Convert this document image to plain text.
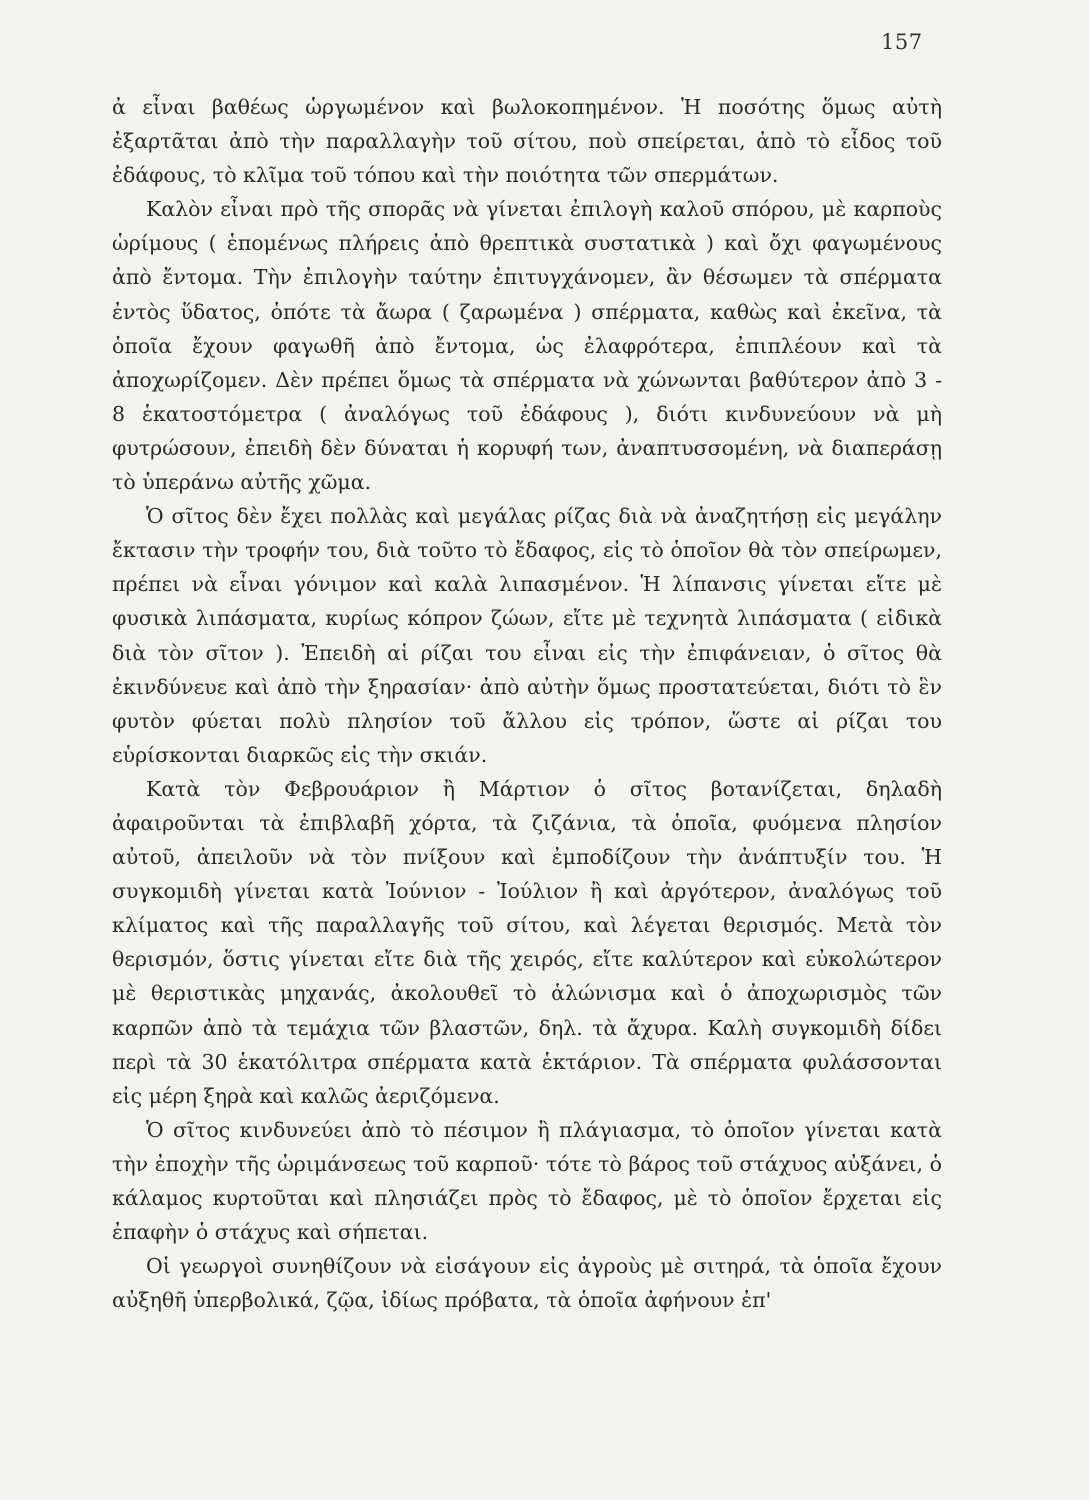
157

ἀ εἶναι βαθέως ὡργωμένον καὶ βωλοκοπημένον. Ἡ ποσότης ὅμως αὐτὴ ἐξαρτᾶται ἀπὸ τὴν παραλλαγὴν τοῦ σίτου, ποὺ σπείρεται, ἀπὸ τὸ εἶδος τοῦ ἐδάφους, τὸ κλῖμα τοῦ τόπου καὶ τὴν ποιότητα τῶν σπερμάτων.

Καλὸν εἶναι πρὸ τῆς σπορᾶς νὰ γίνεται ἐπιλογὴ καλοῦ σπόρου, μὲ καρποὺς ὡρίμους ( ἑπομένως πλήρεις ἀπὸ θρεπτικὰ συστατικὰ ) καὶ ὄχι φαγωμένους ἀπὸ ἔντομα. Τὴν ἐπιλογὴν ταύτην ἐπιτυγχάνομεν, ἂν θέσωμεν τὰ σπέρματα ἐντὸς ὕδατος, ὁπότε τὰ ἄωρα ( ζαρωμένα ) σπέρματα, καθὼς καὶ ἐκεῖνα, τὰ ὁποῖα ἔχουν φαγωθῆ ἀπὸ ἔντομα, ὡς ἐλαφρότερα, ἐπιπλέουν καὶ τὰ ἀποχωρίζομεν. Δὲν πρέπει ὅμως τὰ σπέρματα νὰ χώνωνται βαθύτερον ἀπὸ 3 - 8 ἑκατοστόμετρα ( ἀναλόγως τοῦ ἐδάφους ), διότι κινδυνεύουν νὰ μὴ φυτρώσουν, ἐπειδὴ δὲν δύναται ἡ κορυφή των, ἀναπτυσσομένη, νὰ διαπεράσῃ τὸ ὑπεράνω αὐτῆς χῶμα.

Ὁ σῖτος δὲν ἔχει πολλὰς καὶ μεγάλας ρίζας διὰ νὰ ἀναζητήσῃ εἰς μεγάλην ἔκτασιν τὴν τροφήν του, διὰ τοῦτο τὸ ἔδαφος, εἰς τὸ ὁποῖον θὰ τὸν σπείρωμεν, πρέπει νὰ εἶναι γόνιμον καὶ καλὰ λιπασμένον. Ἡ λίπανσις γίνεται εἴτε μὲ φυσικὰ λιπάσματα, κυρίως κόπρον ζώων, εἴτε μὲ τεχνητὰ λιπάσματα ( εἰδικὰ διὰ τὸν σῖτον ). Ἐπειδὴ αἱ ρίζαι του εἶναι εἰς τὴν ἐπιφάνειαν, ὁ σῖτος θὰ ἐκινδύνευε καὶ ἀπὸ τὴν ξηρασίαν· ἀπὸ αὐτὴν ὅμως προστατεύεται, διότι τὸ ἓν φυτὸν φύεται πολὺ πλησίον τοῦ ἄλλου εἰς τρόπον, ὥστε αἱ ρίζαι του εὑρίσκονται διαρκῶς εἰς τὴν σκιάν.

Κατὰ τὸν Φεβρουάριον ἢ Μάρτιον ὁ σῖτος βοτανίζεται, δηλαδὴ ἀφαιροῦνται τὰ ἐπιβλαβῆ χόρτα, τὰ ζιζάνια, τὰ ὁποῖα, φυόμενα πλησίον αὐτοῦ, ἀπειλοῦν νὰ τὸν πνίξουν καὶ ἐμποδίζουν τὴν ἀνάπτυξίν του. Ἡ συγκομιδὴ γίνεται κατὰ Ἰούνιον - Ἰούλιον ἢ καὶ ἀργότερον, ἀναλόγως τοῦ κλίματος καὶ τῆς παραλλαγῆς τοῦ σίτου, καὶ λέγεται θερισμός. Μετὰ τὸν θερισμόν, ὅστις γίνεται εἴτε διὰ τῆς χειρός, εἴτε καλύτερον καὶ εὐκολώτερον μὲ θεριστικὰς μηχανάς, ἀκολουθεῖ τὸ ἁλώνισμα καὶ ὁ ἀποχωρισμὸς τῶν καρπῶν ἀπὸ τὰ τεμάχια τῶν βλαστῶν, δηλ. τὰ ἄχυρα. Καλὴ συγκομιδὴ δίδει περὶ τὰ 30 ἑκατόλιτρα σπέρματα κατὰ ἑκτάριον. Τὰ σπέρματα φυλάσσονται εἰς μέρη ξηρὰ καὶ καλῶς ἀεριζόμενα.

Ὁ σῖτος κινδυνεύει ἀπὸ τὸ πέσιμον ἢ πλάγιασμα, τὸ ὁποῖον γίνεται κατὰ τὴν ἐποχὴν τῆς ὡριμάνσεως τοῦ καρποῦ· τότε τὸ βάρος τοῦ στάχυος αὐξάνει, ὁ κάλαμος κυρτοῦται καὶ πλησιάζει πρὸς τὸ ἔδαφος, μὲ τὸ ὁποῖον ἔρχεται εἰς ἐπαφὴν ὁ στάχυς καὶ σήπεται.

Οἱ γεωργοὶ συνηθίζουν νὰ εἰσάγουν εἰς ἀγροὺς μὲ σιτηρά, τὰ ὁποῖα ἔχουν αὐξηθῆ ὑπερβολικά, ζῷα, ἰδίως πρόβατα, τὰ ὁποῖα ἀφήνουν ἐπ'
